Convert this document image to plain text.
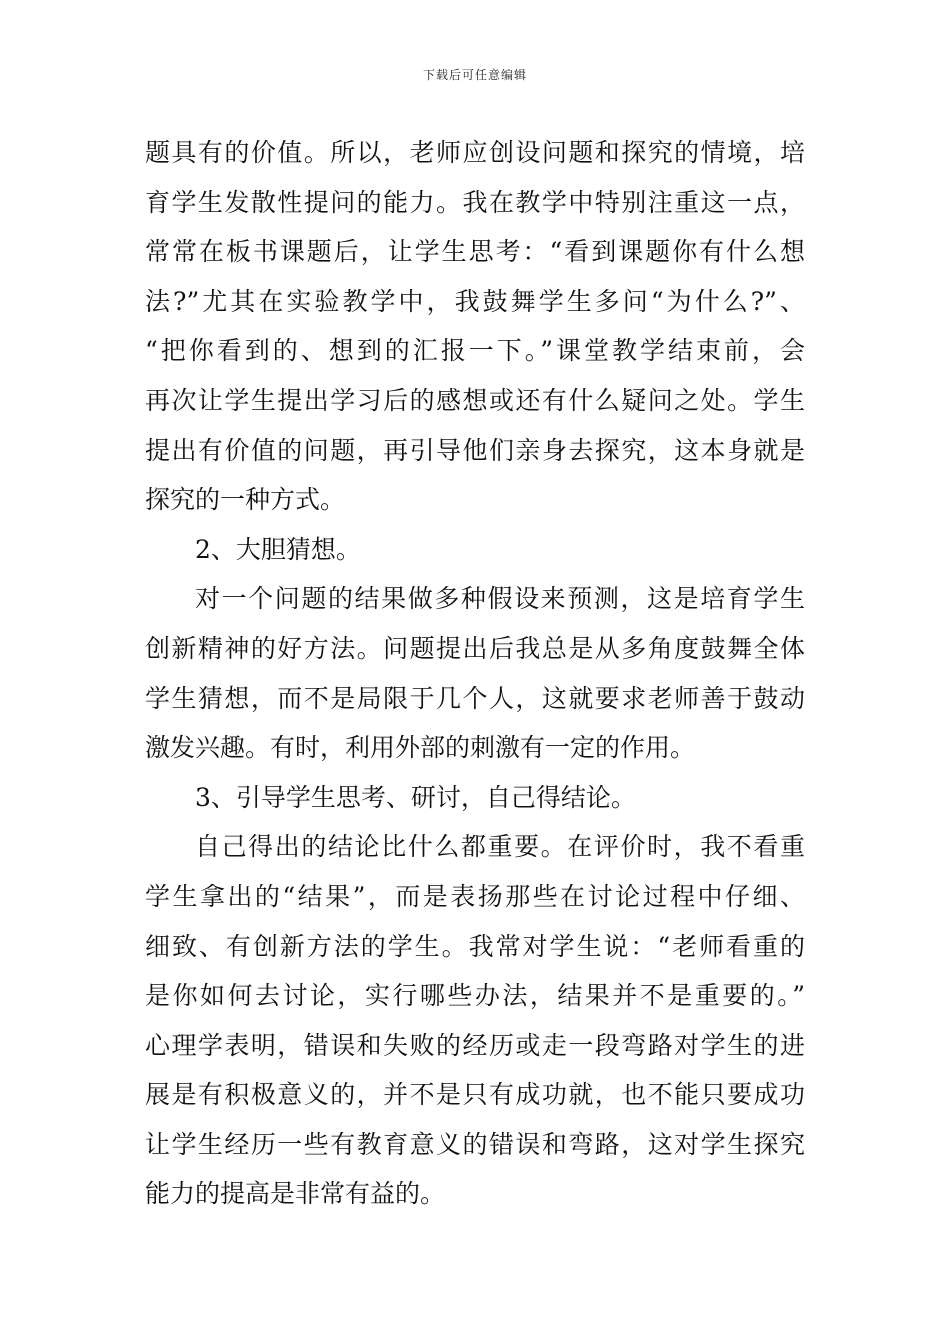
下载后可任意编辑
题具有的价值。所以，老师应创设问题和探究的情境，培
育学生发散性提问的能力。我在教学中特别注重这一点，
常常在板书课题后，让学生思考：“看到课题你有什么想
法?”尤其在实验教学中，我鼓舞学生多问“为什么?”、
“把你看到的、想到的汇报一下。”课堂教学结束前，会
再次让学生提出学习后的感想或还有什么疑问之处。学生
提出有价值的问题，再引导他们亲身去探究，这本身就是
探究的一种方式。
2、大胆猜想。
对一个问题的结果做多种假设来预测，这是培育学生
创新精神的好方法。问题提出后我总是从多角度鼓舞全体
学生猜想，而不是局限于几个人，这就要求老师善于鼓动
激发兴趣。有时，利用外部的刺激有一定的作用。
3、引导学生思考、研讨，自己得结论。
自己得出的结论比什么都重要。在评价时，我不看重
学生拿出的“结果”，而是表扬那些在讨论过程中仔细、
细致、有创新方法的学生。我常对学生说：“老师看重的
是你如何去讨论，实行哪些办法，结果并不是重要的。”
心理学表明，错误和失败的经历或走一段弯路对学生的进
展是有积极意义的，并不是只有成功就，也不能只要成功
让学生经历一些有教育意义的错误和弯路，这对学生探究
能力的提高是非常有益的。
